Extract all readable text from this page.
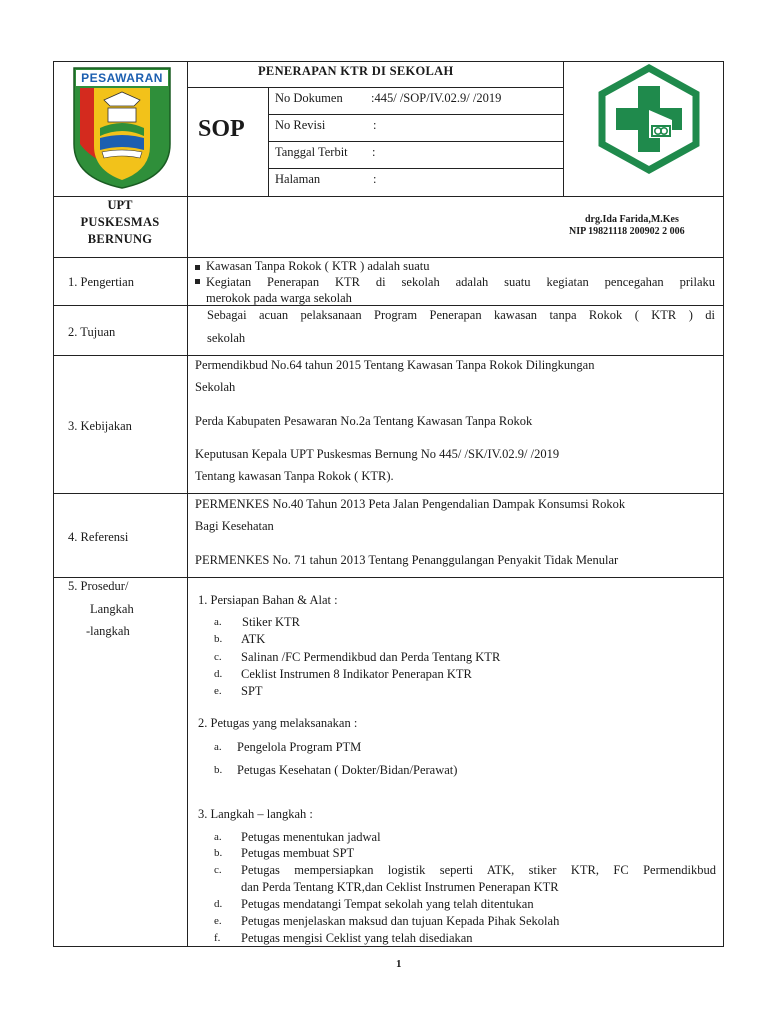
PESAWARAN	PENERAPAN KTR DI SEKOLAH
SOP
No Dokumen :445/ /SOP/IV.02.9/ /2019
No Revisi	:
Tanggal Terbit :
Halaman	:
UPT
PUSKESMAS
BERNUNG
drg.Ida Farida,M.Kes
NIP 19821118 200902 2 006
1. Pengertian
Kawasan Tanpa Rokok ( KTR ) adalah suatu
Kegiatan Penerapan KTR di sekolah adalah suatu kegiatan pencegahan prilaku
merokok pada warga sekolah
2. Tujuan
Sebagai acuan pelaksanaan Program Penerapan kawasan tanpa Rokok ( KTR ) di
sekolah
3. Kebijakan
Permendikbud No.64 tahun 2015 Tentang Kawasan Tanpa Rokok Dilingkungan
Sekolah
Perda Kabupaten Pesawaran No.2a Tentang Kawasan Tanpa Rokok
Keputusan Kepala UPT Puskesmas Bernung No 445/ /SK/IV.02.9/ /2019
Tentang kawasan Tanpa Rokok ( KTR).
4. Referensi
PERMENKES No.40 Tahun 2013 Peta Jalan Pengendalian Dampak Konsumsi Rokok
Bagi Kesehatan
PERMENKES No. 71 tahun 2013 Tentang Penanggulangan Penyakit Tidak Menular
5. Prosedur/
Langkah
-langkah
1. Persiapan Bahan & Alat :
a. Stiker KTR
b. ATK
c. Salinan /FC Permendikbud dan Perda Tentang KTR
d. Ceklist Instrumen 8 Indikator Penerapan KTR
e. SPT
2. Petugas yang melaksanakan :
a. Pengelola Program PTM
b. Petugas Kesehatan ( Dokter/Bidan/Perawat)
3. Langkah – langkah :
a. Petugas menentukan jadwal
b. Petugas membuat SPT
c. Petugas mempersiapkan logistik seperti ATK, stiker KTR, FC Permendikbud
dan Perda Tentang KTR,dan Ceklist Instrumen Penerapan KTR
d. Petugas mendatangi Tempat sekolah yang telah ditentukan
e. Petugas menjelaskan maksud dan tujuan Kepada Pihak Sekolah
f. Petugas mengisi Ceklist yang telah disediakan
1
